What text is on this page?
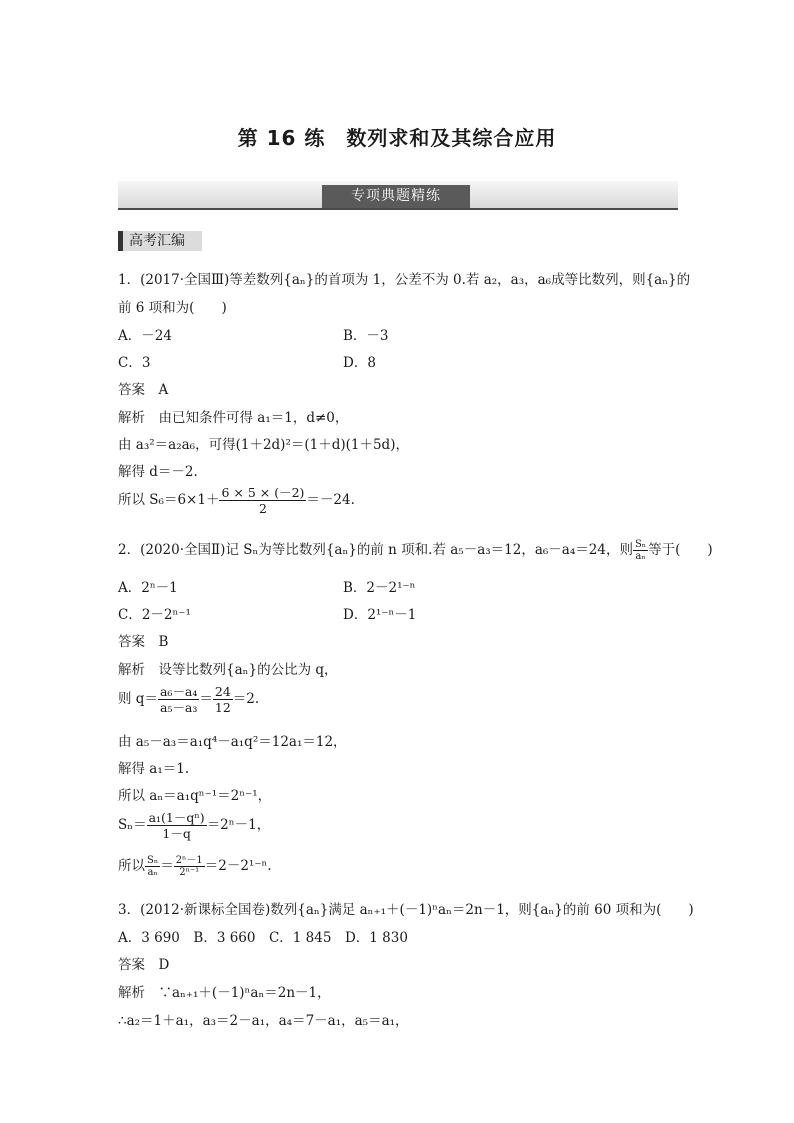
第 16 练　数列求和及其综合应用
专项典题精练
高考汇编
1．(2017·全国Ⅲ)等差数列{aₙ}的首项为 1，公差不为 0.若 a₂，a₃，a₆成等比数列，则{aₙ}的
前 6 项和为(　　)
A．－24	B．－3
C．3	D．8
答案　A
解析　由已知条件可得 a₁＝1，d≠0，
由 a₃²＝a₂a₆，可得(1＋2d)²＝(1＋d)(1＋5d)，
解得 d＝－2.
所以 $S_6=6\times 1+ \frac{6 \times 5 \times (-2)}{2} =-24$.
2．(2020·全国Ⅱ)记 Sₙ为等比数列{aₙ}的前 n 项和.若 a₅－a₃＝12，a₆－a₄＝24，则 $\frac{\text{Sₙ}}{\text{aₙ}}$ 等于(　　)
A．2ⁿ－1	B．2－2¹⁻ⁿ
C．2－2ⁿ⁻¹	D．2¹⁻ⁿ－1
答案　B
解析　设等比数列{aₙ}的公比为 q，
则 $q= \frac{\text{a₆－a₄}}{\text{a₅－a₃}} = \frac{24}{12} =2$.
由 a₅－a₃＝a₁q⁴－a₁q²＝12a₁＝12，
解得 a₁＝1.
所以 aₙ＝a₁qⁿ⁻¹＝2ⁿ⁻¹，
$S_n= \frac{\text{a₁(1－qⁿ)}}{1-q} =2^n-1$，
所以 $\frac{\text{Sₙ}}{\text{aₙ}} = \frac{\text{2ⁿ－1}}{\text{2ⁿ⁻¹}} =2-2^{1-n}$.
3．(2012·新课标全国卷)数列{aₙ}满足 aₙ₊₁＋(－1)ⁿaₙ＝2n－1，则{aₙ}的前 60 项和为(　　)
A．3 690　B．3 660　C．1 845　D．1 830
答案　D
解析　∵aₙ₊₁＋(－1)ⁿaₙ＝2n－1，
∴a₂＝1＋a₁，a₃＝2－a₁，a₄＝7－a₁，a₅＝a₁，
